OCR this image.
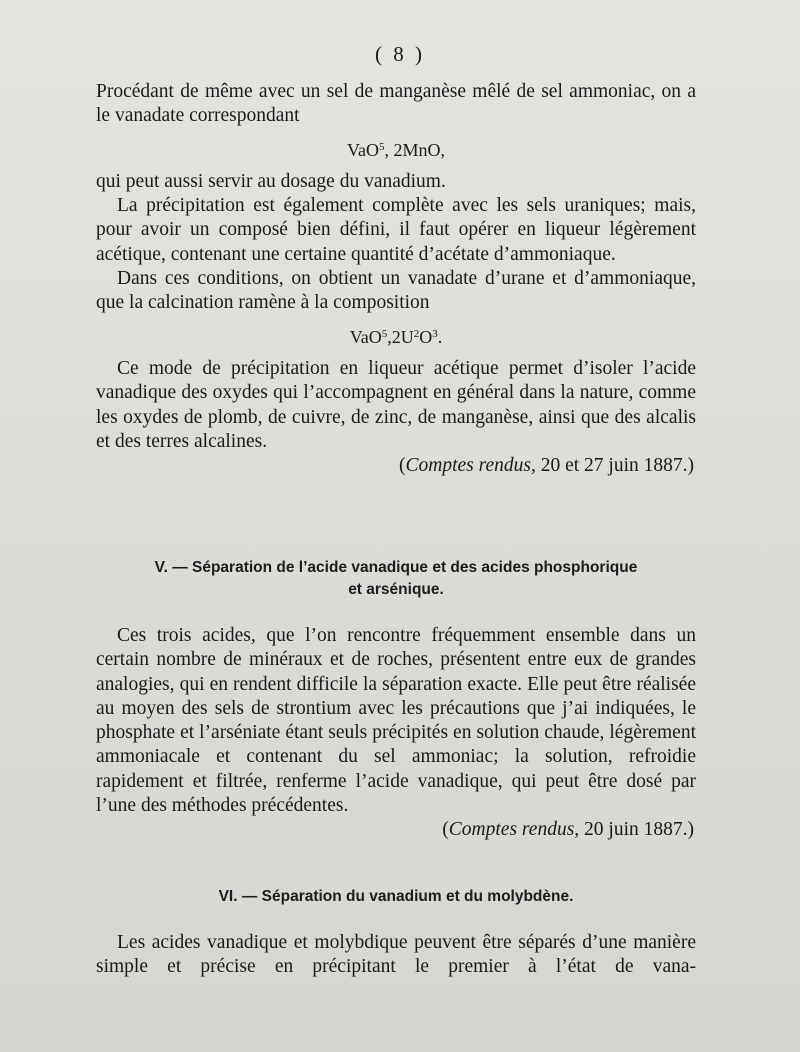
( 8 )

Procédant de même avec un sel de manganèse mêlé de sel ammoniac, on a le vanadate correspondant

VaO$^5$, 2MnO,

qui peut aussi servir au dosage du vanadium.

La précipitation est également complète avec les sels uraniques; mais, pour avoir un composé bien défini, il faut opérer en liqueur légèrement acétique, contenant une certaine quantité d’acétate d’ammoniaque.

Dans ces conditions, on obtient un vanadate d’urane et d’ammoniaque, que la calcination ramène à la composition

$VaO^5,2U^2O^3$.

Ce mode de précipitation en liqueur acétique permet d’isoler l’acide vanadique des oxydes qui l’accompagnent en général dans la nature, comme les oxydes de plomb, de cuivre, de zinc, de manganèse, ainsi que des alcalis et des terres alcalines.

(Comptes rendus, 20 et 27 juin 1887.)

V. — Séparation de l’acide vanadique et des acides phosphorique
et arsénique.

Ces trois acides, que l’on rencontre fréquemment ensemble dans un certain nombre de minéraux et de roches, présentent entre eux de grandes analogies, qui en rendent difficile la séparation exacte. Elle peut être réalisée au moyen des sels de strontium avec les précautions que j’ai indiquées, le phosphate et l’arséniate étant seuls précipités en solution chaude, légèrement ammoniacale et contenant du sel ammoniac; la solution, refroidie rapidement et filtrée, renferme l’acide vanadique, qui peut être dosé par l’une des méthodes précédentes.

(Comptes rendus, 20 juin 1887.)

VI. — Séparation du vanadium et du molybdène.

Les acides vanadique et molybdique peuvent être séparés d’une manière simple et précise en précipitant le premier à l’état de vana-
